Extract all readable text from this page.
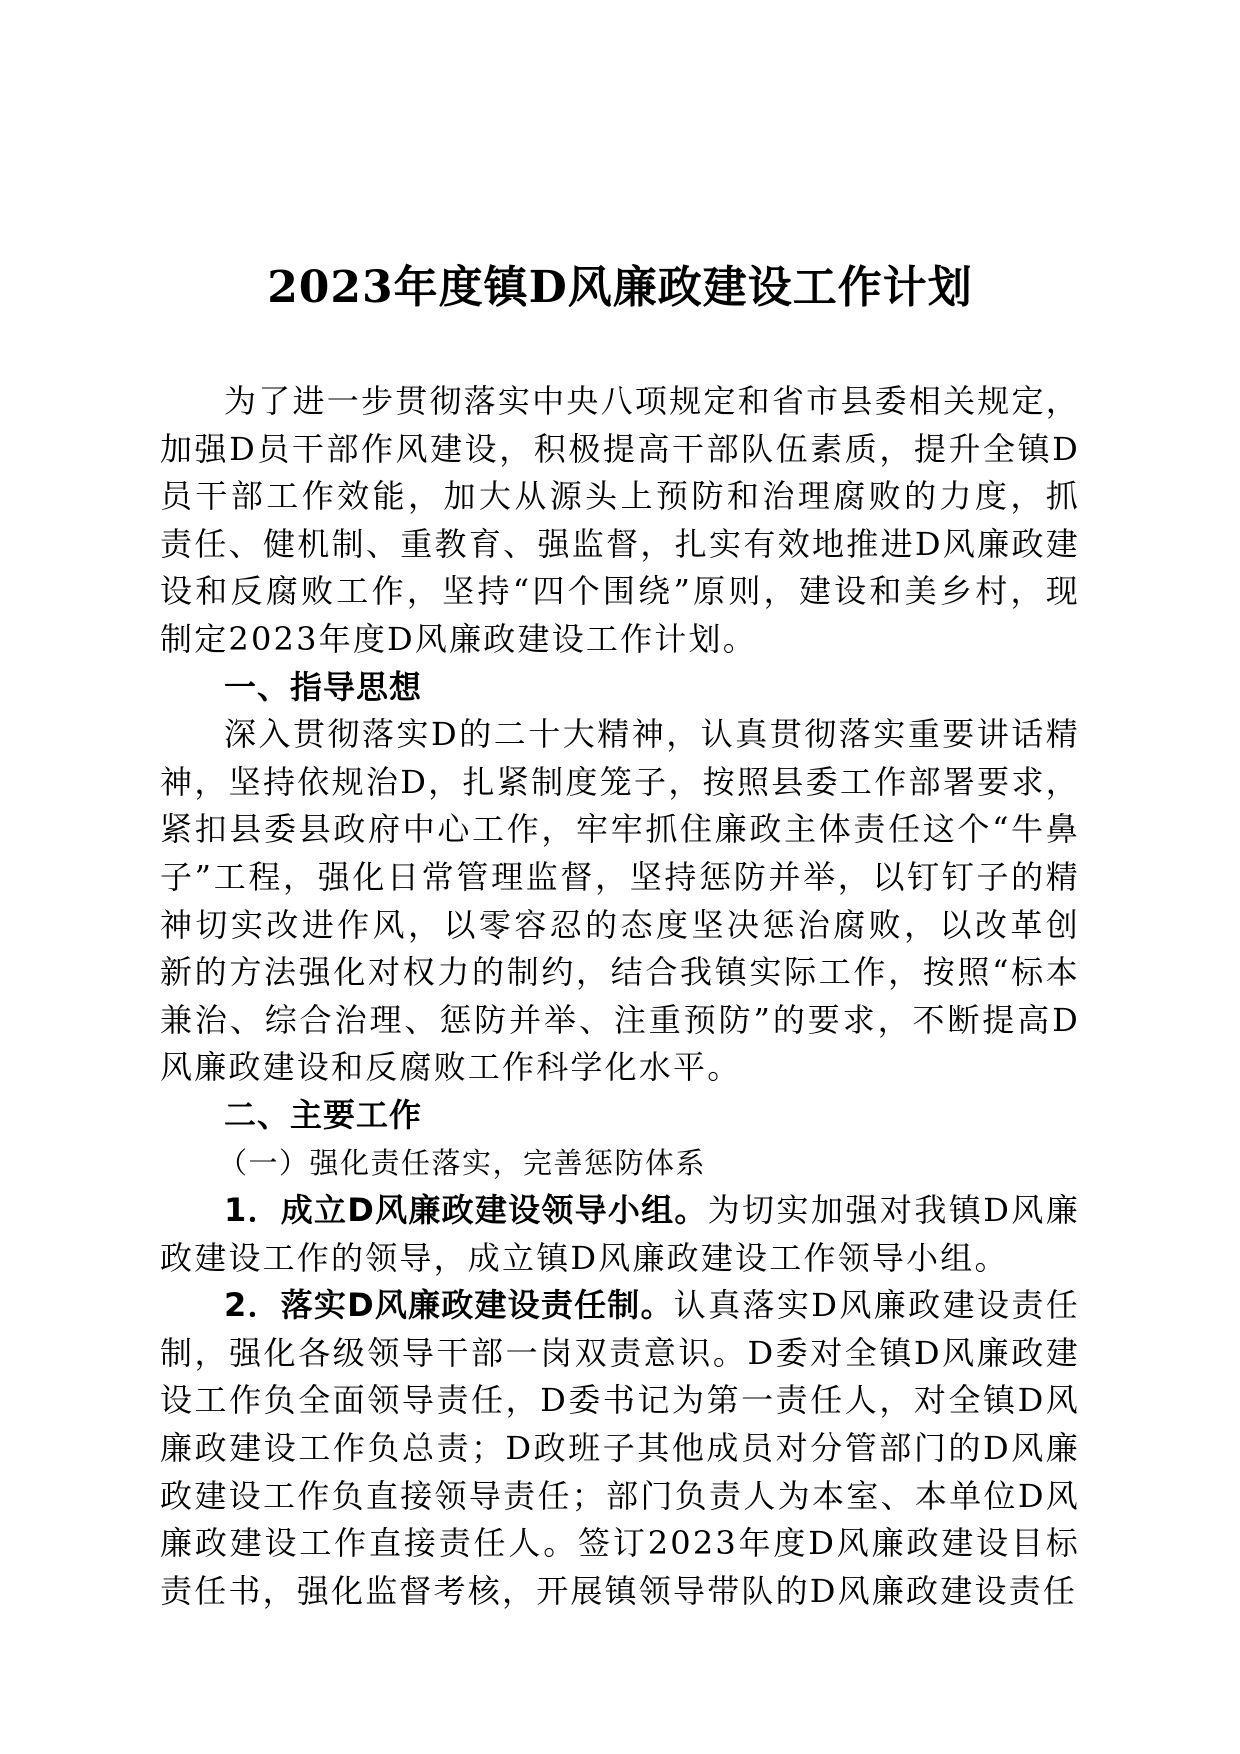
2023年度镇D风廉政建设工作计划

为了进一步贯彻落实中央八项规定和省市县委相关规定，加强D员干部作风建设，积极提高干部队伍素质，提升全镇D员干部工作效能，加大从源头上预防和治理腐败的力度，抓责任、健机制、重教育、强监督，扎实有效地推进D风廉政建设和反腐败工作，坚持“四个围绕”原则，建设和美乡村，现制定2023年度D风廉政建设工作计划。

一、指导思想

深入贯彻落实D的二十大精神，认真贯彻落实重要讲话精神，坚持依规治D，扎紧制度笼子，按照县委工作部署要求，紧扣县委县政府中心工作，牢牢抓住廉政主体责任这个“牛鼻子”工程，强化日常管理监督，坚持惩防并举，以钉钉子的精神切实改进作风，以零容忍的态度坚决惩治腐败，以改革创新的方法强化对权力的制约，结合我镇实际工作，按照“标本兼治、综合治理、惩防并举、注重预防”的要求，不断提高D风廉政建设和反腐败工作科学化水平。

二、主要工作

（一）强化责任落实，完善惩防体系

1．成立D风廉政建设领导小组。为切实加强对我镇D风廉政建设工作的领导，成立镇D风廉政建设工作领导小组。

2．落实D风廉政建设责任制。认真落实D风廉政建设责任制，强化各级领导干部一岗双责意识。D委对全镇D风廉政建设工作负全面领导责任，D委书记为第一责任人，对全镇D风廉政建设工作负总责；D政班子其他成员对分管部门的D风廉政建设工作负直接领导责任；部门负责人为本室、本单位D风廉政建设工作直接责任人。签订2023年度D风廉政建设目标责任书，强化监督考核，开展镇领导带队的D风廉政建设责任
